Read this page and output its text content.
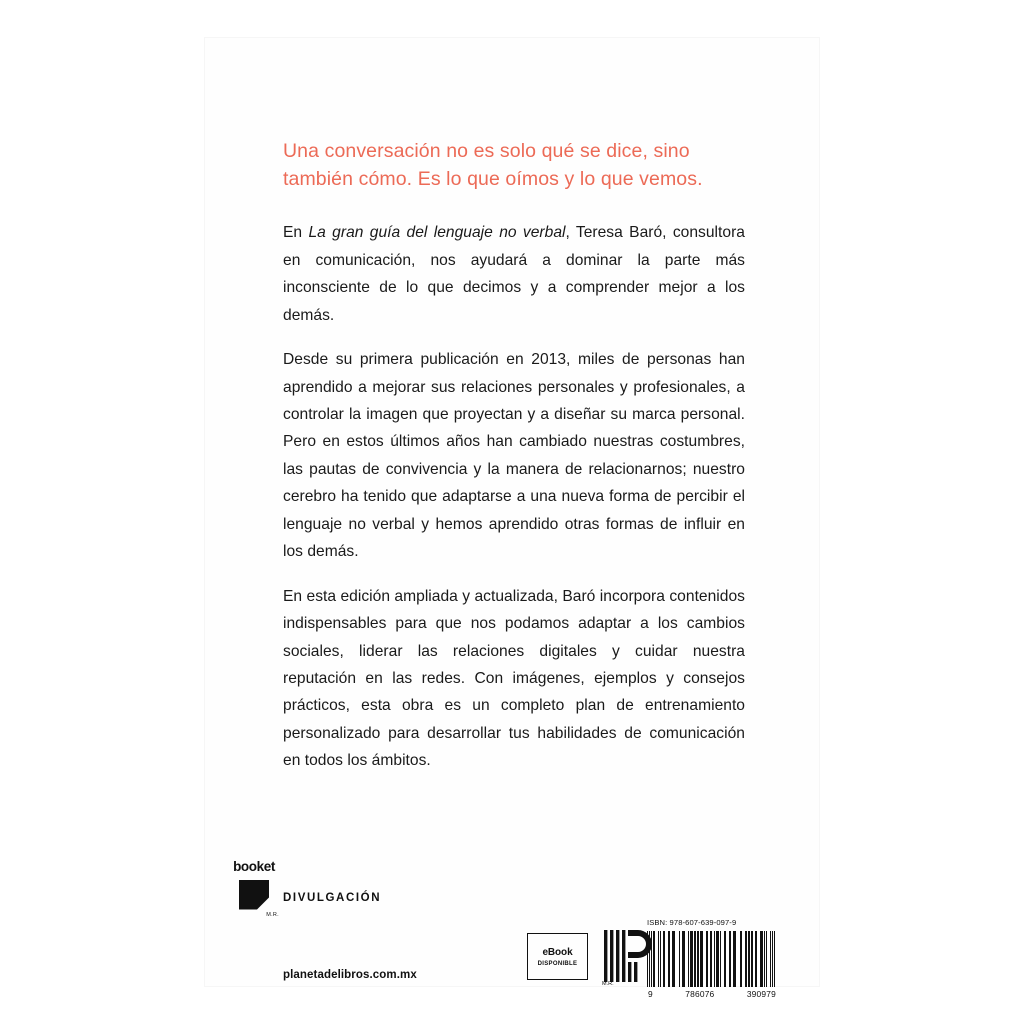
Una conversación no es solo qué se dice, sino también cómo. Es lo que oímos y lo que vemos.

En La gran guía del lenguaje no verbal, Teresa Baró, consultora en comunicación, nos ayudará a dominar la parte más inconsciente de lo que decimos y a comprender mejor a los demás.

Desde su primera publicación en 2013, miles de personas han aprendido a mejorar sus relaciones personales y profesionales, a controlar la imagen que proyectan y a diseñar su marca personal. Pero en estos últimos años han cambiado nuestras costumbres, las pautas de convivencia y la manera de relacionarnos; nuestro cerebro ha tenido que adaptarse a una nueva forma de percibir el lenguaje no verbal y hemos aprendido otras formas de influir en los demás.

En esta edición ampliada y actualizada, Baró incorpora contenidos indispensables para que nos podamos adaptar a los cambios sociales, liderar las relaciones digitales y cuidar nuestra reputación en las redes. Con imágenes, ejemplos y consejos prácticos, esta obra es un completo plan de entrenamiento personalizado para desarrollar tus habilidades de comunicación en todos los ámbitos.

booket
M.R.
DIVULGACIÓN
planetadelibros.com.mx
eBook
DISPONIBLE
M.R.
ISBN: 978-607-639-097-9
9	786076	390979
